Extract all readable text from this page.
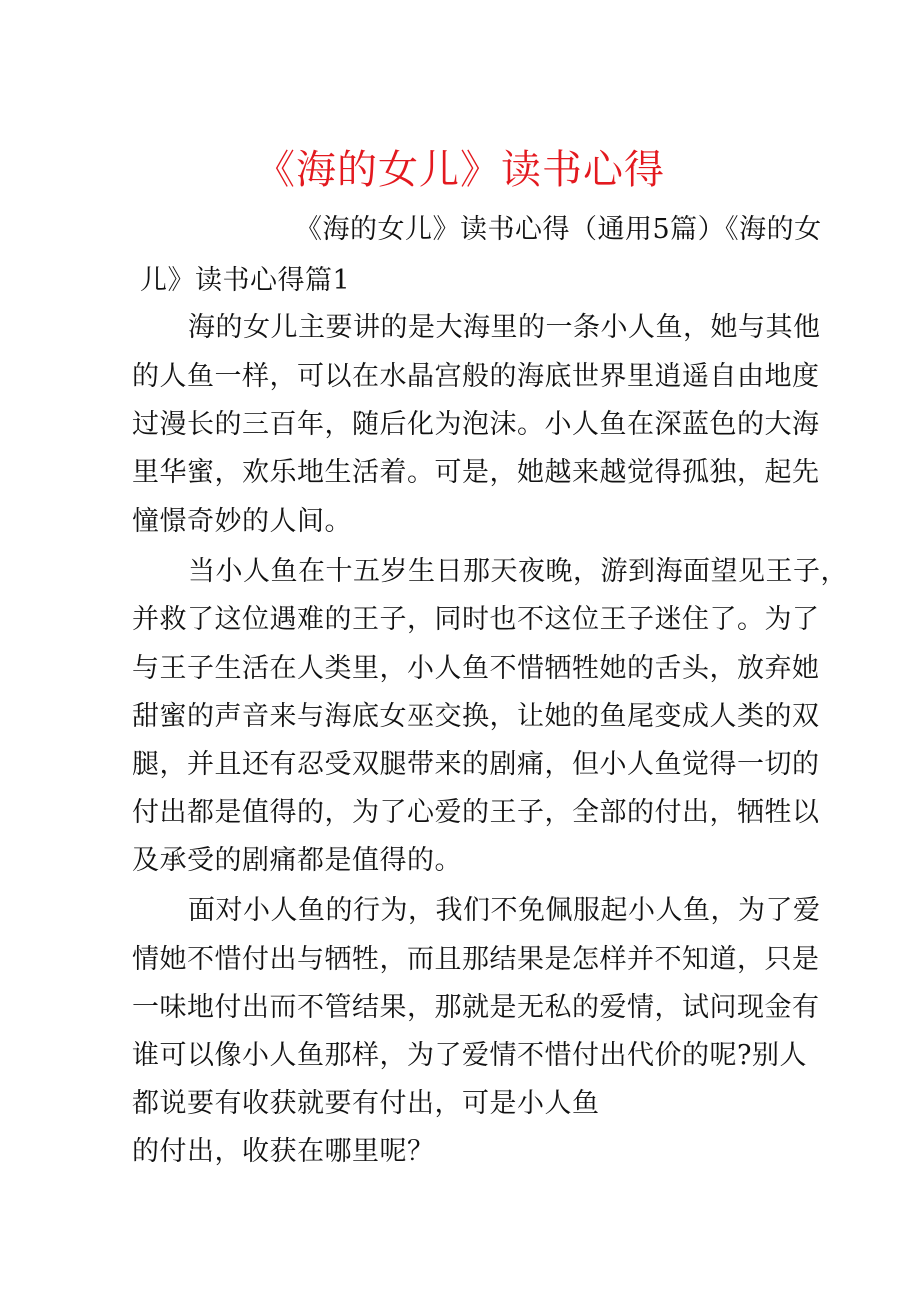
《海的女儿》读书心得
《海的女儿》读书心得（通用5篇）《海的女
儿》读书心得篇1
海的女儿主要讲的是大海里的一条小人鱼，她与其他
的人鱼一样，可以在水晶宫般的海底世界里逍遥自由地度
过漫长的三百年，随后化为泡沫。小人鱼在深蓝色的大海
里华蜜，欢乐地生活着。可是，她越来越觉得孤独，起先
憧憬奇妙的人间。
当小人鱼在十五岁生日那天夜晚，游到海面望见王子，
并救了这位遇难的王子，同时也不这位王子迷住了。为了
与王子生活在人类里，小人鱼不惜牺牲她的舌头，放弃她
甜蜜的声音来与海底女巫交换，让她的鱼尾变成人类的双
腿，并且还有忍受双腿带来的剧痛，但小人鱼觉得一切的
付出都是值得的，为了心爱的王子，全部的付出，牺牲以
及承受的剧痛都是值得的。
面对小人鱼的行为，我们不免佩服起小人鱼，为了爱
情她不惜付出与牺牲，而且那结果是怎样并不知道，只是
一味地付出而不管结果，那就是无私的爱情，试问现金有
谁可以像小人鱼那样，为了爱情不惜付出代价的呢?别人
都说要有收获就要有付出，可是小人鱼
的付出，收获在哪里呢？
